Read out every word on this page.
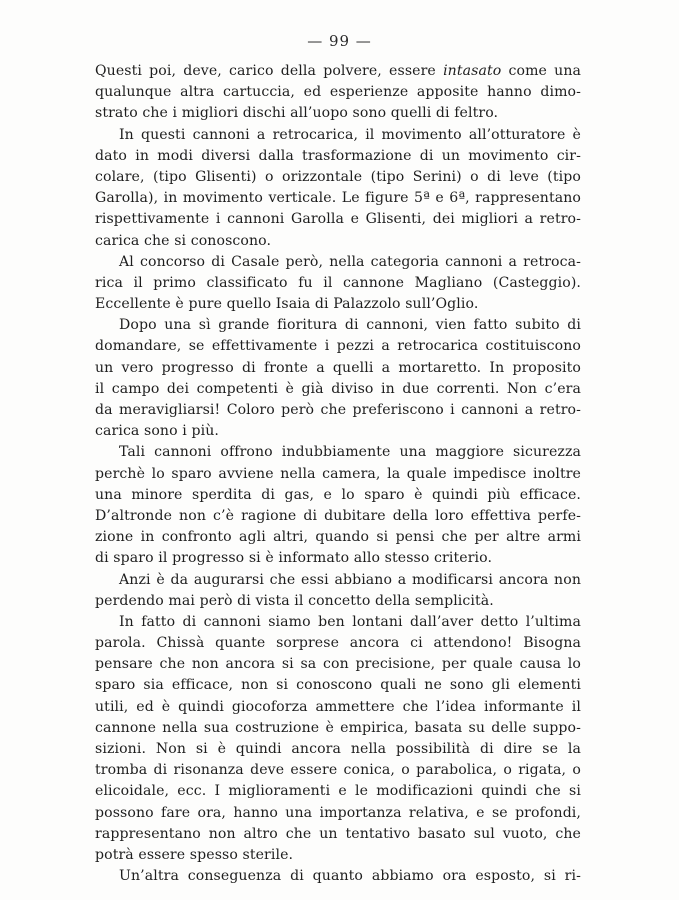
— 99 —
Questi poi, deve, carico della polvere, essere intasato come una
qualunque altra cartuccia, ed esperienze apposite hanno dimo-
strato che i migliori dischi all’uopo sono quelli di feltro.
In questi cannoni a retrocarica, il movimento all’otturatore è
dato in modi diversi dalla trasformazione di un movimento cir-
colare, (tipo Glisenti) o orizzontale (tipo Serini) o di leve (tipo
Garolla), in movimento verticale. Le figure 5ª e 6ª, rappresentano
rispettivamente i cannoni Garolla e Glisenti, dei migliori a retro-
carica che si conoscono.
Al concorso di Casale però, nella categoria cannoni a retroca-
rica il primo classificato fu il cannone Magliano (Casteggio).
Eccellente è pure quello Isaia di Palazzolo sull’Oglio.
Dopo una sì grande fioritura di cannoni, vien fatto subito di
domandare, se effettivamente i pezzi a retrocarica costituiscono
un vero progresso di fronte a quelli a mortaretto. In proposito
il campo dei competenti è già diviso in due correnti. Non c’era
da meravigliarsi! Coloro però che preferiscono i cannoni a retro-
carica sono i più.
Tali cannoni offrono indubbiamente una maggiore sicurezza
perchè lo sparo avviene nella camera, la quale impedisce inoltre
una minore sperdita di gas, e lo sparo è quindi più efficace.
D’altronde non c’è ragione di dubitare della loro effettiva perfe-
zione in confronto agli altri, quando si pensi che per altre armi
di sparo il progresso si è informato allo stesso criterio.
Anzi è da augurarsi che essi abbiano a modificarsi ancora non
perdendo mai però di vista il concetto della semplicità.
In fatto di cannoni siamo ben lontani dall’aver detto l’ultima
parola. Chissà quante sorprese ancora ci attendono! Bisogna
pensare che non ancora si sa con precisione, per quale causa lo
sparo sia efficace, non si conoscono quali ne sono gli elementi
utili, ed è quindi giocoforza ammettere che l’idea informante il
cannone nella sua costruzione è empirica, basata su delle suppo-
sizioni. Non si è quindi ancora nella possibilità di dire se la
tromba di risonanza deve essere conica, o parabolica, o rigata, o
elicoidale, ecc. I miglioramenti e le modificazioni quindi che si
possono fare ora, hanno una importanza relativa, e se profondi,
rappresentano non altro che un tentativo basato sul vuoto, che
potrà essere spesso sterile.
Un’altra conseguenza di quanto abbiamo ora esposto, si ri-
